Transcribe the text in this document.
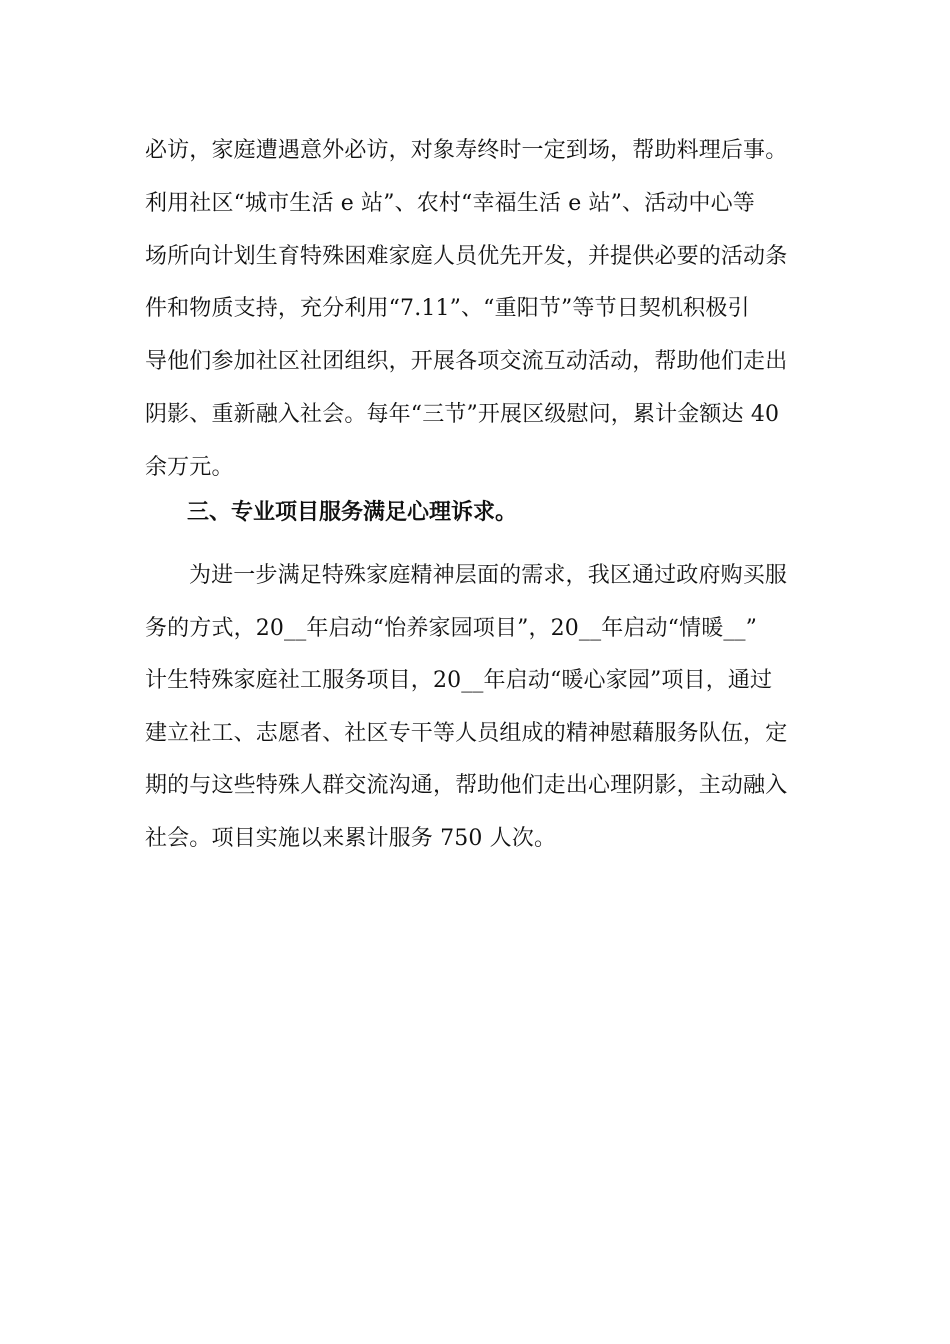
必访，家庭遭遇意外必访，对象寿终时一定到场，帮助料理后事。
利用社区“城市生活 e 站”、农村“幸福生活 e 站”、活动中心等
场所向计划生育特殊困难家庭人员优先开发，并提供必要的活动条
件和物质支持，充分利用“7.11”、“重阳节”等节日契机积极引
导他们参加社区社团组织，开展各项交流互动活动，帮助他们走出
阴影、重新融入社会。每年“三节”开展区级慰问，累计金额达 40
余万元。
三、专业项目服务满足心理诉求。
为进一步满足特殊家庭精神层面的需求，我区通过政府购买服
务的方式，20__年启动“怡养家园项目”，20__年启动“情暖__”
计生特殊家庭社工服务项目，20__年启动“暖心家园”项目，通过
建立社工、志愿者、社区专干等人员组成的精神慰藉服务队伍，定
期的与这些特殊人群交流沟通，帮助他们走出心理阴影，主动融入
社会。项目实施以来累计服务 750 人次。
